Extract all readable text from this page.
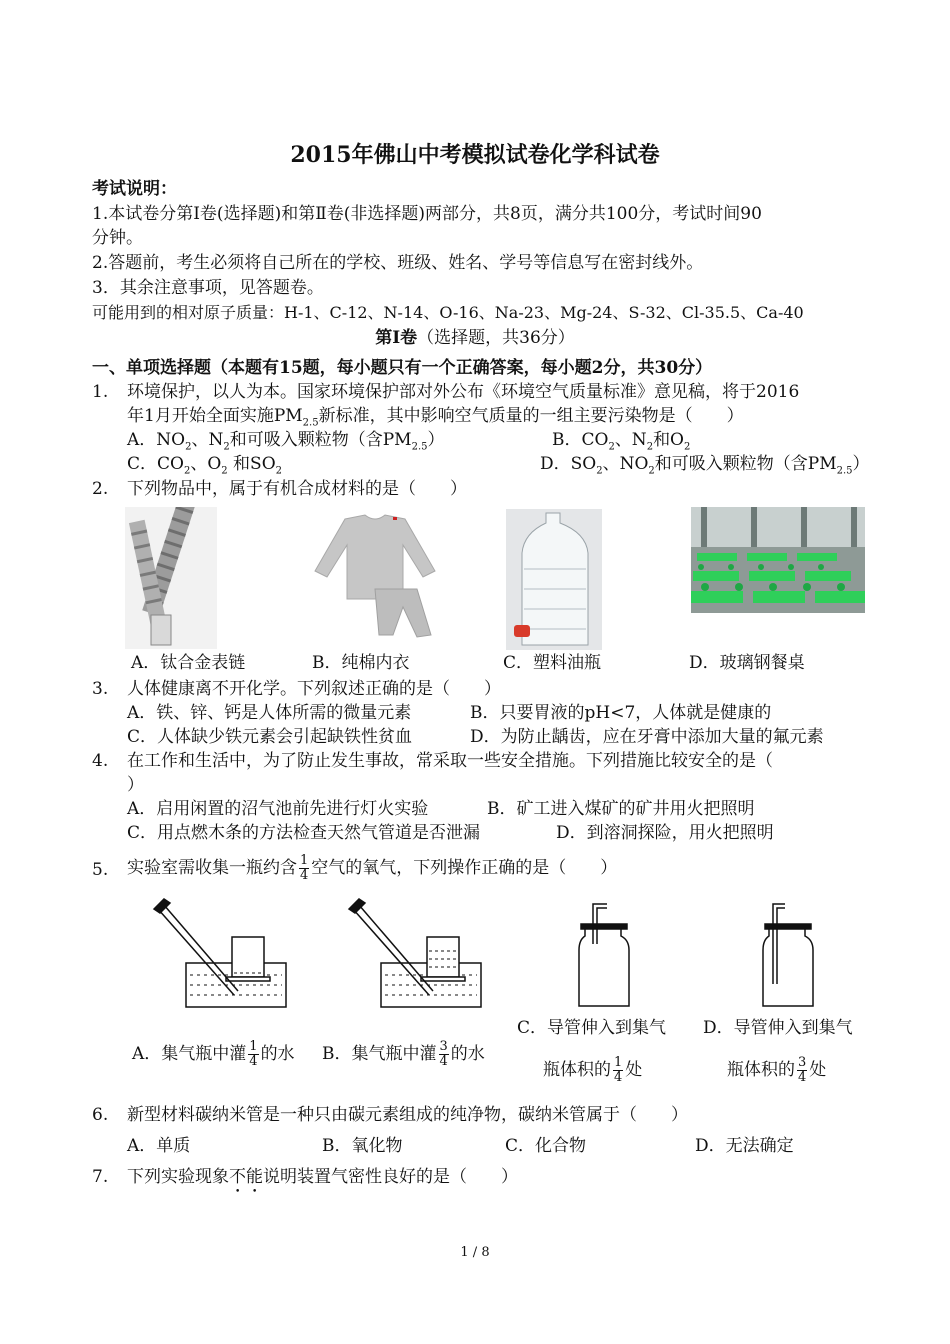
2015年佛山中考模拟试卷化学科试卷
考试说明：
1.本试卷分第Ⅰ卷(选择题)和第Ⅱ卷(非选择题)两部分，共8页，满分共100分，考试时间90
分钟。
2.答题前，考生必须将自己所在的学校、班级、姓名、学号等信息写在密封线外。
3．其余注意事项，见答题卷。
可能用到的相对原子质量：H-1、C-12、N-14、O-16、Na-23、Mg-24、S-32、Cl-35.5、Ca-40
第Ⅰ卷（选择题，共36分）
一、单项选择题（本题有15题，每小题只有一个正确答案，每小题2分，共30分）
1. 环境保护，以人为本。国家环境保护部对外公布《环境空气质量标准》意见稿，将于2016
年1月开始全面实施$PM_{2.5}$新标准，其中影响空气质量的一组主要污染物是（　　）
A．$NO_2$、$N_2$和可吸入颗粒物（含$PM_{2.5}$）	B．$CO_2$、$N_2$和$O_2$
C．$CO_2$、$O_2$ 和$SO_2$	D．$SO_2$、$NO_2$和可吸入颗粒物（含$PM_{2.5}$）
2. 下列物品中，属于有机合成材料的是（　　）
A．钛合金表链	B．纯棉内衣	C．塑料油瓶	D．玻璃钢餐桌
3. 人体健康离不开化学。下列叙述正确的是（　　）
A．铁、锌、钙是人体所需的微量元素	B．只要胃液的pH<7，人体就是健康的
C．人体缺少铁元素会引起缺铁性贫血	D．为防止龋齿，应在牙膏中添加大量的氟元素
4. 在工作和生活中，为了防止发生事故，常采取一些安全措施。下列措施比较安全的是（
）
A．启用闲置的沼气池前先进行灯火实验	B．矿工进入煤矿的矿井用火把照明
C．用点燃木条的方法检查天然气管道是否泄漏	D．到溶洞探险，用火把照明
5. 实验室需收集一瓶约含 $\frac{1}{4}$ 空气的氧气，下列操作正确的是（　　）
A．集气瓶中灌 $\frac{1}{4}$ 的水 B．集气瓶中灌 $\frac{3}{4}$ 的水
C．导管伸入到集气
瓶体积的 $\frac{1}{4}$ 处
D．导管伸入到集气
瓶体积的 $\frac{3}{4}$ 处
6. 新型材料碳纳米管是一种只由碳元素组成的纯净物，碳纳米管属于（　　）
A．单质	B．氧化物	C．化合物	D．无法确定
7. 下列实验现象不能说明装置气密性良好的是（　　）
1 / 8
